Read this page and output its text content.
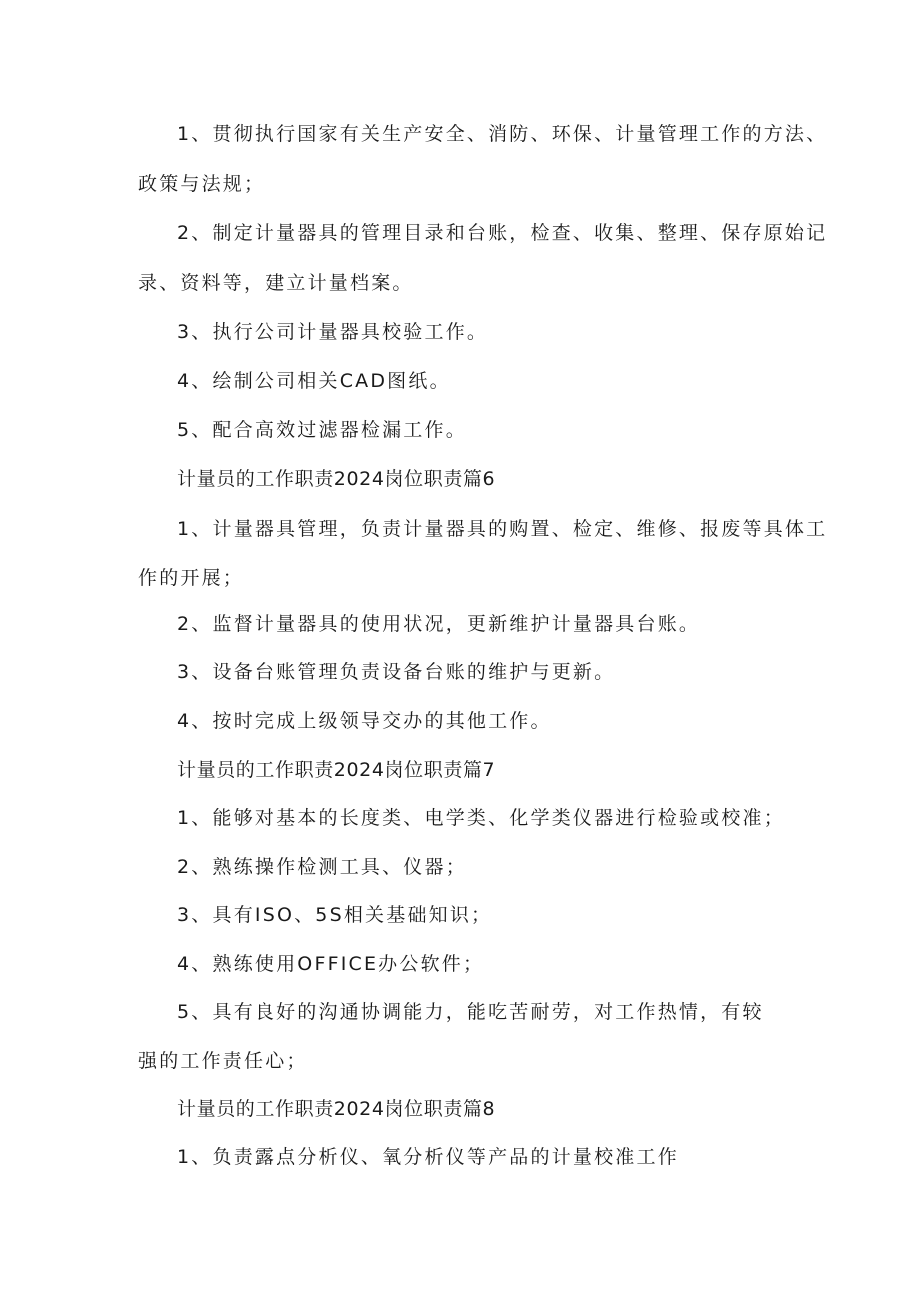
1、贯彻执行国家有关生产安全、消防、环保、计量管理工作的方法、
政策与法规；
2、制定计量器具的管理目录和台账，检查、收集、整理、保存原始记
录、资料等，建立计量档案。
3、执行公司计量器具校验工作。
4、绘制公司相关CAD图纸。
5、配合高效过滤器检漏工作。
计量员的工作职责2024岗位职责篇6
1、计量器具管理，负责计量器具的购置、检定、维修、报废等具体工
作的开展；
2、监督计量器具的使用状况，更新维护计量器具台账。
3、设备台账管理负责设备台账的维护与更新。
4、按时完成上级领导交办的其他工作。
计量员的工作职责2024岗位职责篇7
1、能够对基本的长度类、电学类、化学类仪器进行检验或校准；
2、熟练操作检测工具、仪器；
3、具有ISO、5S相关基础知识；
4、熟练使用OFFICE办公软件；
5、具有良好的沟通协调能力，能吃苦耐劳，对工作热情，有较
强的工作责任心；
计量员的工作职责2024岗位职责篇8
1、负责露点分析仪、氧分析仪等产品的计量校准工作
